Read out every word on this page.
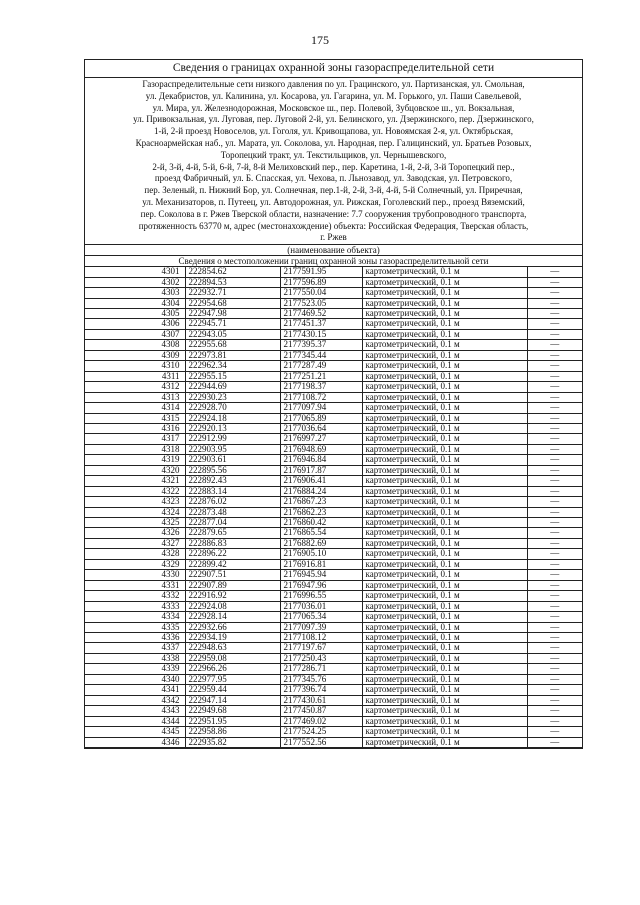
175
Сведения о границах охранной зоны газораспределительной сети
Газораспределительные сети низкого давления по ул. Грацинского, ул. Партизанская, ул. Смольная,
ул. Декабристов, ул. Калинина, ул. Косарова, ул. Гагарина, ул. М. Горького, ул. Паши Савельевой,
ул. Мира, ул. Железнодорожная, Московское ш., пер. Полевой, Зубцовское ш., ул. Вокзальная,
ул. Привокзальная, ул. Луговая, пер. Луговой 2-й, ул. Белинского, ул. Дзержинского, пер. Дзержинского,
1-й, 2-й проезд Новоселов, ул. Гоголя, ул. Кривощапова, ул. Новоямская 2-я, ул. Октябрьская,
Красноармейская наб., ул. Марата, ул. Соколова, ул. Народная, пер. Галицинский, ул. Братьев Розовых,
Торопецкий тракт, ул. Текстильщиков, ул. Чернышевского,
2-й, 3-й, 4-й, 5-й, 6-й, 7-й, 8-й Мелиховский пер., пер. Каретина, 1-й, 2-й, 3-й Торопецкий пер.,
проезд Фабричный, ул. Б. Спасская, ул. Чехова, п. Льнозавод, ул. Заводская, ул. Петровского,
пер. Зеленый, п. Нижний Бор, ул. Солнечная, пер.1-й, 2-й, 3-й, 4-й, 5-й Солнечный, ул. Приречная,
ул. Механизаторов, п. Путеец, ул. Автодорожная, ул. Рижская, Гоголевский пер., проезд Вяземский,
пер. Соколова в г. Ржев Тверской области, назначение: 7.7 сооружения трубопроводного транспорта,
протяженность 63770 м, адрес (местонахождение) объекта: Российская Федерация, Тверская область,
г. Ржев
(наименование объекта)
Сведения о местоположении границ охранной зоны газораспределительной сети
4301	222854.62	2177591.95	картометрический, 0.1 м	—
4302	222894.53	2177596.89	картометрический, 0.1 м	—
4303	222932.71	2177550.04	картометрический, 0.1 м	—
4304	222954.68	2177523.05	картометрический, 0.1 м	—
4305	222947.98	2177469.52	картометрический, 0.1 м	—
4306	222945.71	2177451.37	картометрический, 0.1 м	—
4307	222943.05	2177430.15	картометрический, 0.1 м	—
4308	222955.68	2177395.37	картометрический, 0.1 м	—
4309	222973.81	2177345.44	картометрический, 0.1 м	—
4310	222962.34	2177287.49	картометрический, 0.1 м	—
4311	222955.15	2177251.21	картометрический, 0.1 м	—
4312	222944.69	2177198.37	картометрический, 0.1 м	—
4313	222930.23	2177108.72	картометрический, 0.1 м	—
4314	222928.70	2177097.94	картометрический, 0.1 м	—
4315	222924.18	2177065.89	картометрический, 0.1 м	—
4316	222920.13	2177036.64	картометрический, 0.1 м	—
4317	222912.99	2176997.27	картометрический, 0.1 м	—
4318	222903.95	2176948.69	картометрический, 0.1 м	—
4319	222903.61	2176946.84	картометрический, 0.1 м	—
4320	222895.56	2176917.87	картометрический, 0.1 м	—
4321	222892.43	2176906.41	картометрический, 0.1 м	—
4322	222883.14	2176884.24	картометрический, 0.1 м	—
4323	222876.02	2176867.23	картометрический, 0.1 м	—
4324	222873.48	2176862.23	картометрический, 0.1 м	—
4325	222877.04	2176860.42	картометрический, 0.1 м	—
4326	222879.65	2176865.54	картометрический, 0.1 м	—
4327	222886.83	2176882.69	картометрический, 0.1 м	—
4328	222896.22	2176905.10	картометрический, 0.1 м	—
4329	222899.42	2176916.81	картометрический, 0.1 м	—
4330	222907.51	2176945.94	картометрический, 0.1 м	—
4331	222907.89	2176947.96	картометрический, 0.1 м	—
4332	222916.92	2176996.55	картометрический, 0.1 м	—
4333	222924.08	2177036.01	картометрический, 0.1 м	—
4334	222928.14	2177065.34	картометрический, 0.1 м	—
4335	222932.66	2177097.39	картометрический, 0.1 м	—
4336	222934.19	2177108.12	картометрический, 0.1 м	—
4337	222948.63	2177197.67	картометрический, 0.1 м	—
4338	222959.08	2177250.43	картометрический, 0.1 м	—
4339	222966.26	2177286.71	картометрический, 0.1 м	—
4340	222977.95	2177345.76	картометрический, 0.1 м	—
4341	222959.44	2177396.74	картометрический, 0.1 м	—
4342	222947.14	2177430.61	картометрический, 0.1 м	—
4343	222949.68	2177450.87	картометрический, 0.1 м	—
4344	222951.95	2177469.02	картометрический, 0.1 м	—
4345	222958.86	2177524.25	картометрический, 0.1 м	—
4346	222935.82	2177552.56	картометрический, 0.1 м	—
